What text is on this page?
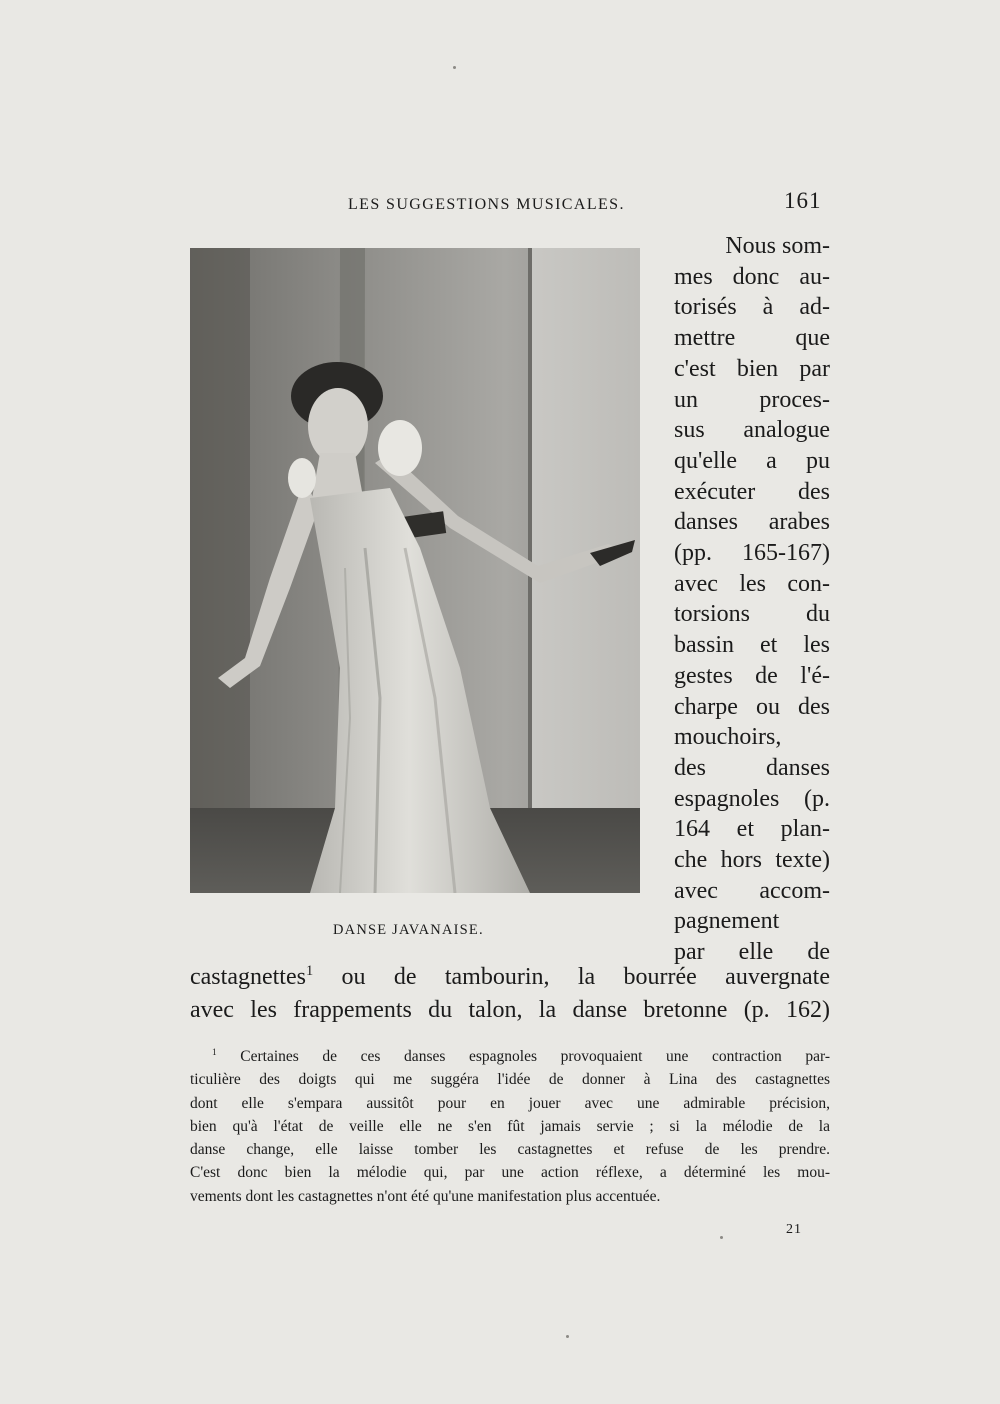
LES SUGGESTIONS MUSICALES.	161
DANSE JAVANAISE.
Nous som-
mes donc au-
torisés à ad-
mettre que
c'est bien par
un proces-
sus analogue
qu'elle a pu
exécuter des
danses arabes
(pp. 165-167)
avec les con-
torsions du
bassin et les
gestes de l'é-
charpe ou des
mouchoirs,
des danses
espagnoles (p.
164 et plan-
che hors texte)
avec accom-
pagnement
par elle de
castagnettes$^1$ ou de tambourin, la bourrée auvergnate
avec les frappements du talon, la danse bretonne (p. 162)
$^1$ Certaines de ces danses espagnoles provoquaient une contraction par-
ticulière des doigts qui me suggéra l'idée de donner à Lina des castagnettes
dont elle s'empara aussitôt pour en jouer avec une admirable précision,
bien qu'à l'état de veille elle ne s'en fût jamais servie ; si la mélodie de la
danse change, elle laisse tomber les castagnettes et refuse de les prendre.
C'est donc bien la mélodie qui, par une action réflexe, a déterminé les mou-
vements dont les castagnettes n'ont été qu'une manifestation plus accentuée.
21
